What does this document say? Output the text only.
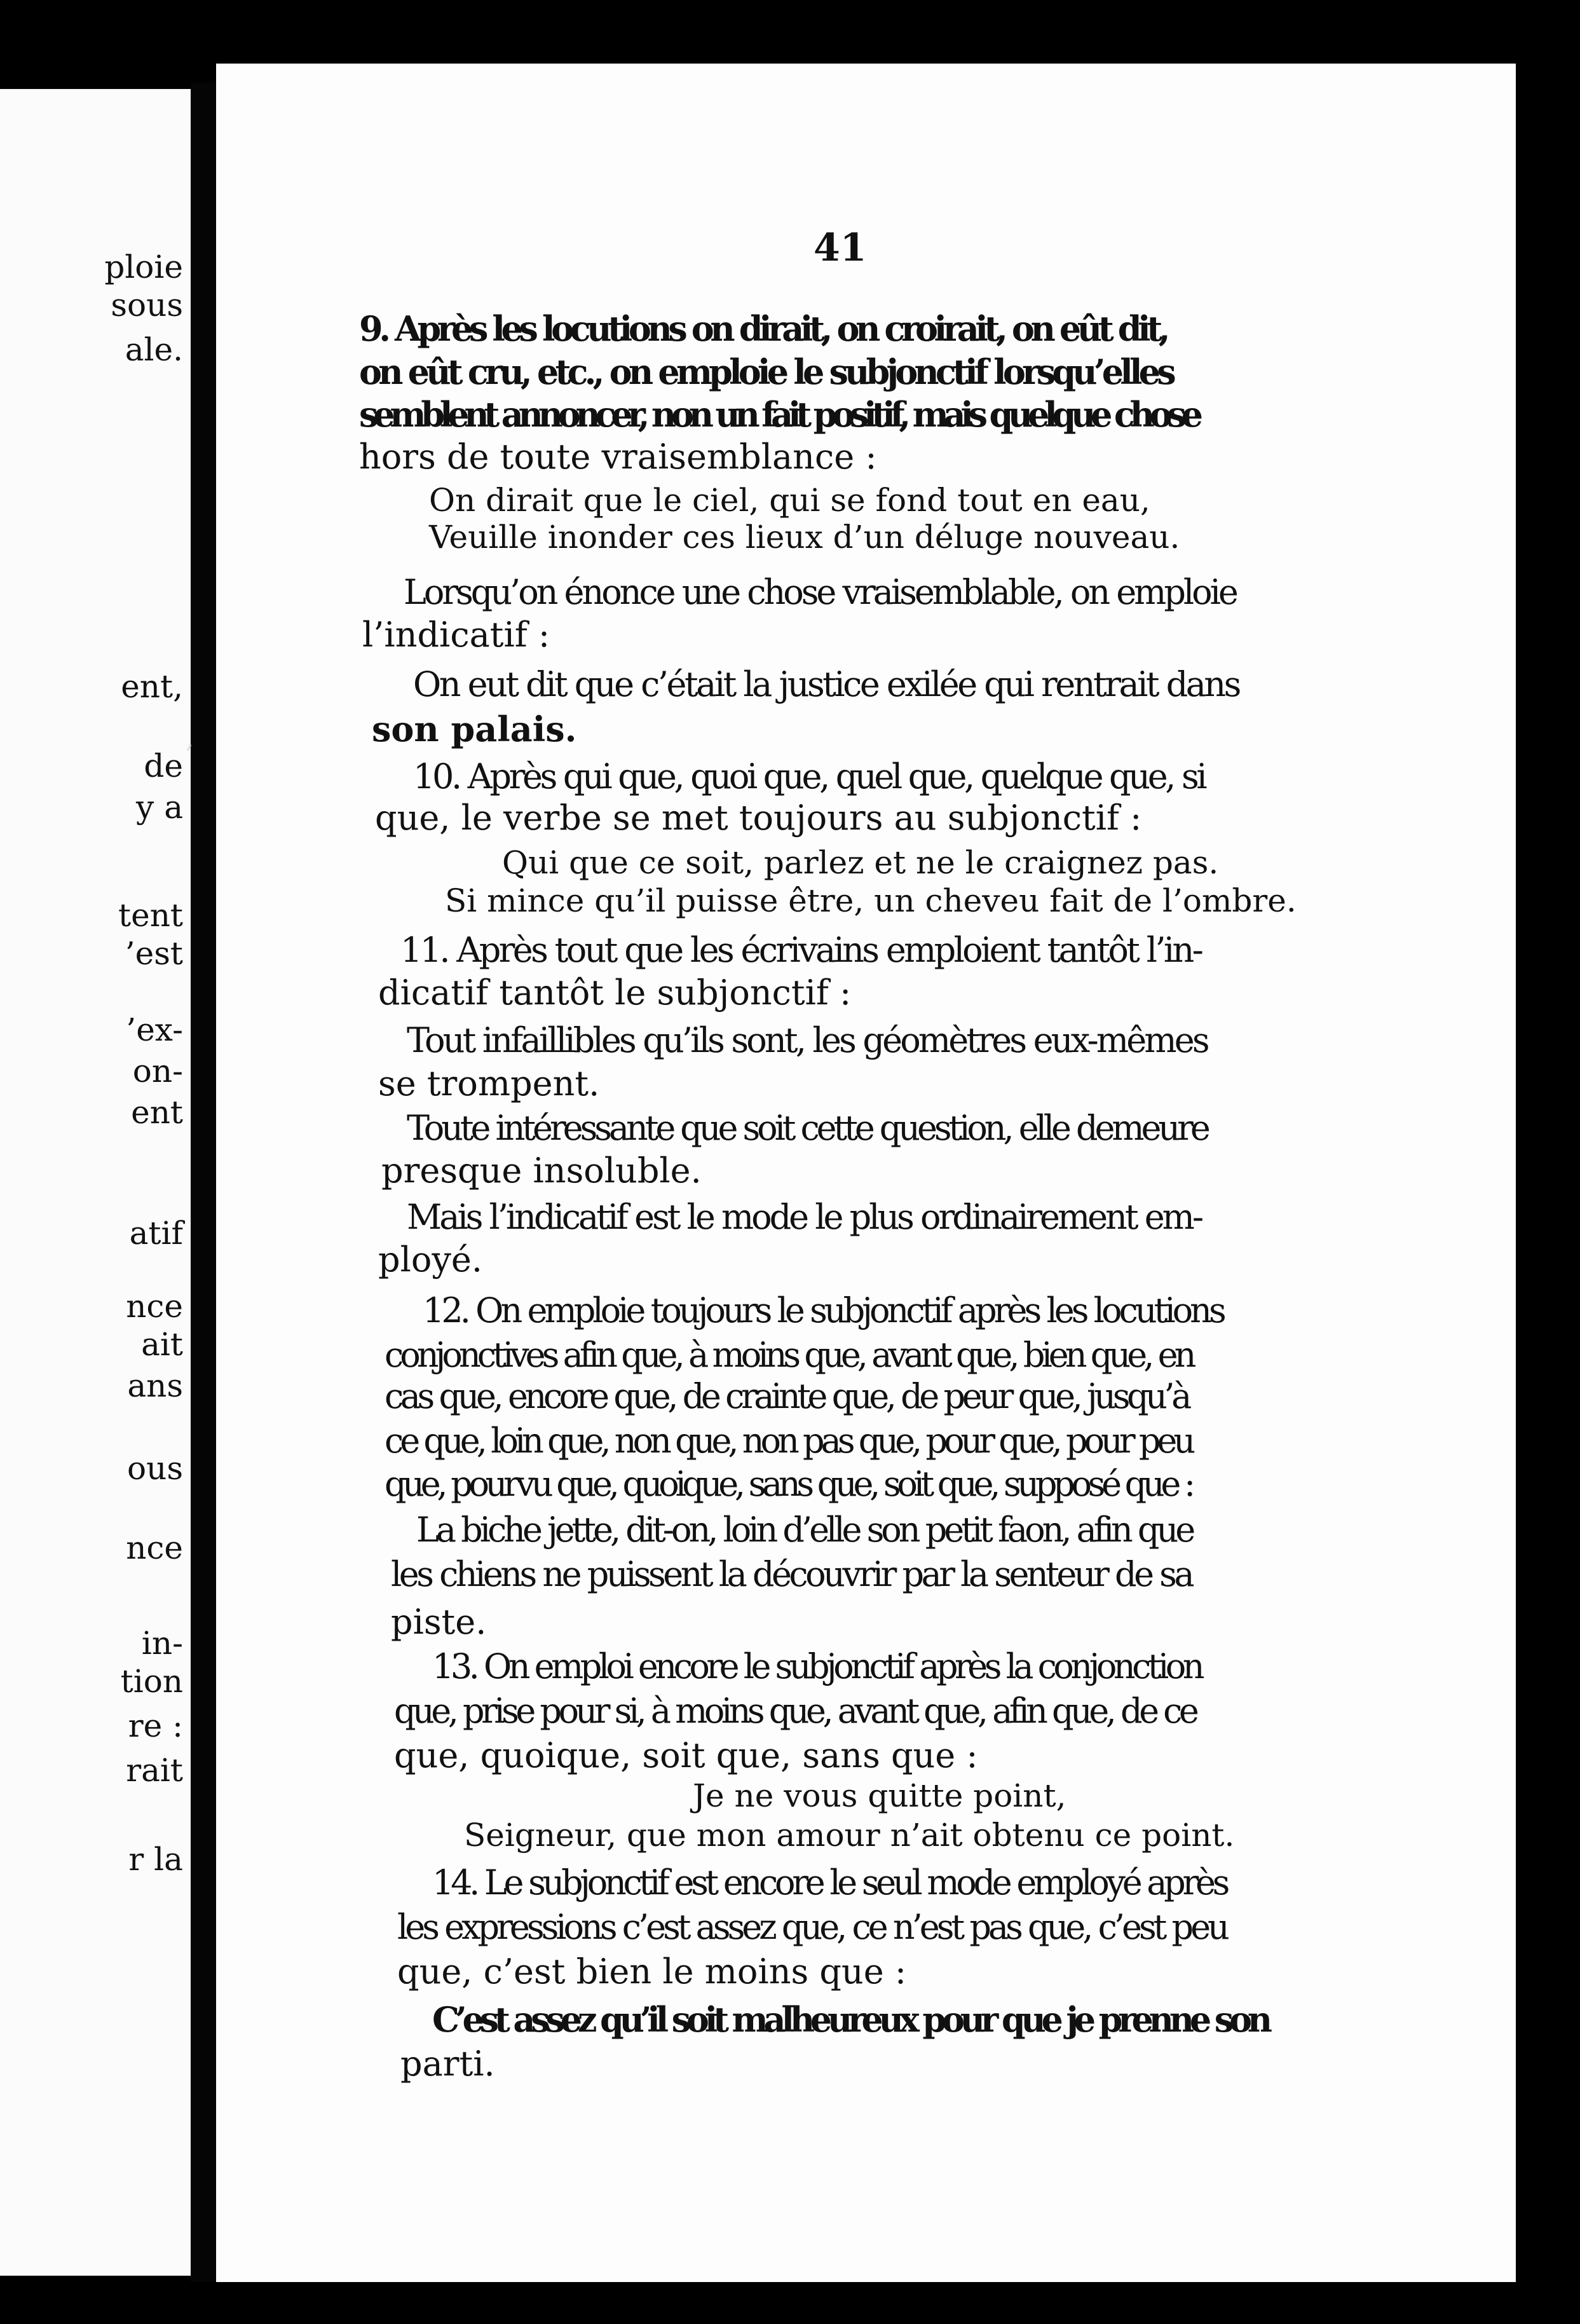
ploie
sous
ale.
ent,
de
y a
tent
’est
’ex-
on-
ent
atif
nce
ait
ans
ous
nce
in-
tion
re :
rait
r la
,
41
9. Après les locutions on dirait, on croirait, on eût dit,
on eût cru, etc., on emploie le subjonctif lorsqu’elles
semblent annoncer, non un fait positif, mais quelque chose
hors de toute vraisemblance :
On dirait que le ciel, qui se fond tout en eau,
Veuille inonder ces lieux d’un déluge nouveau.
Lorsqu’on énonce une chose vraisemblable, on emploie
l’indicatif :
On eut dit que c’était la justice exilée qui rentrait dans
son palais.
10. Après qui que, quoi que, quel que, quelque que, si
que, le verbe se met toujours au subjonctif :
Qui que ce soit, parlez et ne le craignez pas.
Si mince qu’il puisse être, un cheveu fait de l’ombre.
11. Après tout que les écrivains emploient tantôt l’in-
dicatif tantôt le subjonctif :
Tout infaillibles qu’ils sont, les géomètres eux-mêmes
se trompent.
Toute intéressante que soit cette question, elle demeure
presque insoluble.
Mais l’indicatif est le mode le plus ordinairement em-
ployé.
12. On emploie toujours le subjonctif après les locutions
conjonctives afin que, à moins que, avant que, bien que, en
cas que, encore que, de crainte que, de peur que, jusqu’à
ce que, loin que, non que, non pas que, pour que, pour peu
que, pourvu que, quoique, sans que, soit que, supposé que :
La biche jette, dit-on, loin d’elle son petit faon, afin que
les chiens ne puissent la découvrir par la senteur de sa
piste.
13. On emploi encore le subjonctif après la conjonction
que, prise pour si, à moins que, avant que, afin que, de ce
que, quoique, soit que, sans que :
Je ne vous quitte point,
Seigneur, que mon amour n’ait obtenu ce point.
14. Le subjonctif est encore le seul mode employé après
les expressions c’est assez que, ce n’est pas que, c’est peu
que, c’est bien le moins que :
C’est assez qu’il soit malheureux pour que je prenne son
parti.
